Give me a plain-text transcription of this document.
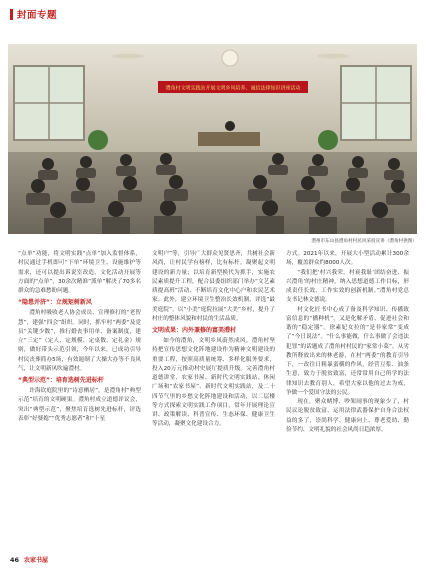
封面专题
澧角村文明实践站开展文明乡风培养、诚信法律知识讲座活动
澧州市东山县澧角村村民风采投宣讲（澧角村供图）

“点单”功能，将文明实践“点单”加入监督体系，村民通过手机即可“下单”环境卫生、设施维护等需求，还可以提出诉说室改造、文化活动开展等方面的“点单”，30余次精准“派单”解决了70多名群众的急难愁盼问题。

“隐患并济”：立规矩树新风

澧角村吸收老人协会成员、宣理修打的“老智慧”，建强“四会”组织。同时，抓牢村“两委”及党员“关键少数”，推行婚丧事用单、备案制度，建立“三定”（定人、定规模、定桌数、定礼金）规则，做好带头示范引领，今年以来，已成功引导村民丧葬简办5场，有效遏制了大操大办等不良风气，让文明新风吹遍澧村。

“典型示范”：培育选树先进标杆

许海钦庭院里的“诗意栖居”，是澧角村“典型示范”培育的文明硬果。澧角村成立道德评议会，突出“典型示范”，聚焦培育选树先进标杆，评选表彰“好婆媳”“优秀志愿者”和“十星

文明户”等，引导广大群众见贤思齐，共树社会新风尚，让村民学有榜样，比有标杆。凝聚起文明建设的新力量；以培育新型换代为抓手，实施农民素质提升工程，配合县委组织部门举办“文艺素质提高班”活动，不断培育文化中心户和农民艺术家。此外，建立环境卫生整治长效机制，评选“最美庭院”，以“小美”庭院拉展“大美”乡村，提升了村庄的整体风貌和村民的生活品质。

文明成果：内外兼修的富美澧村

如今的澧角，文明乡风蔚然成风。澧角村坚持把宣传思想文化阵地建设作为精神文明建设的重要工程，按照高质量统筹、多样化服务要求，投入20万元推动村史展厅提质升级。完善澧角村道德讲堂、农家书屋、新时代文明实践站、休闲广场和“农家书屋”、新时代文明实践站，及二十四节气里的乡愁文化阵地建设和活动，以二层楼等方式探索文明实践工作项目，常年开展理论宣讲、政策解读、科普宣传、生态环保、健康卫生等活动，凝聚文化建设合力。

方式。2021年以来，开展大小型活动累计300余场，覆盖群众约8000人次。

“我们把‘村兴我荣，村衰我耻’团结奋进、振兴澧角’的村庄精神，纳入思想道德工作目标，形成责任长效、工作实效的创新机制。”澧角村党总支书记林文德说。

村文化匠书中心成了备及科学知识、传播致富信息的“播种机”，又是化解矛盾、促进社会和谐的“稳定器”。徐素妃女拉的“是非家常”变成了“今日说法”。“什么事能做，什么事做了会违法犯罪”的话题成了澧角村村民的“家常小菜”。从劣教所释放出来的林老游，在村“两委”的教育引导下，一改往日粗暴蛮横的作风，经营豆浆、油条生意，致力于脱贫致富，还常常用自己所学的法律知识去教育别人，希望大家以他的过去为戒，争做一个爱国守法的公民。

现在，聚众赌博、吵架闹事的现象少了，村民议论脱贫致富、运用法律武器保护自身合法权益的多了，崇尚科学、健康向上、尊老爱幼、勤俭节约、文明礼貌的社会风尚日趋浓厚。

46 农家书屋
